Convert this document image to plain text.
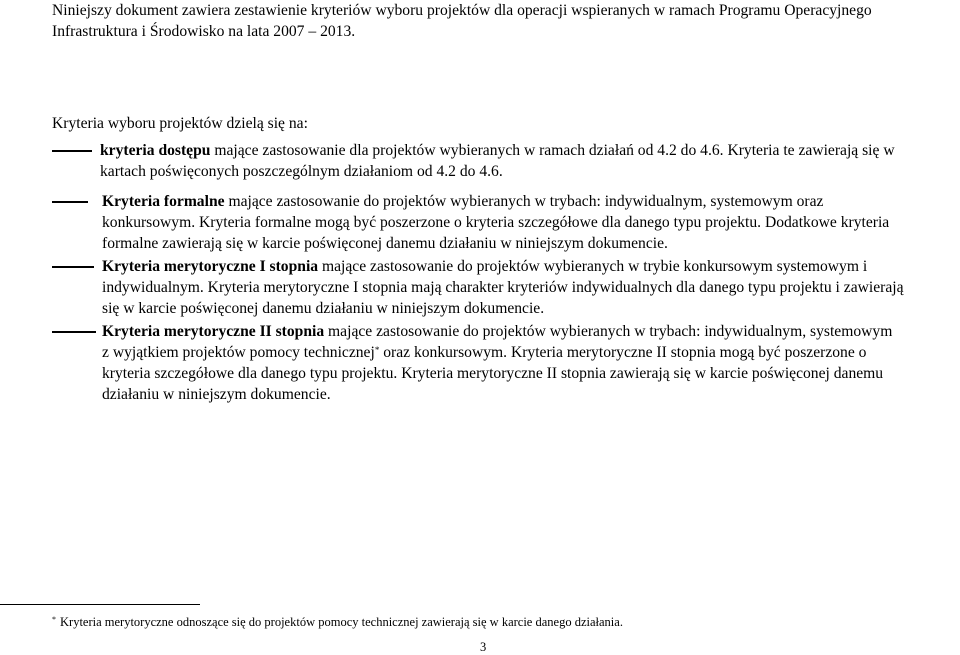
Niniejszy dokument zawiera zestawienie kryteriów wyboru projektów dla operacji wspieranych w ramach Programu Operacyjnego
Infrastruktura i Środowisko na lata 2007 – 2013.
Kryteria wyboru projektów dzielą się na:
kryteria dostępu mające zastosowanie dla projektów wybieranych w ramach działań od 4.2 do 4.6. Kryteria te zawierają się w
kartach poświęconych poszczególnym działaniom od 4.2 do 4.6.
Kryteria formalne mające zastosowanie do projektów wybieranych w trybach: indywidualnym, systemowym oraz
konkursowym. Kryteria formalne mogą być poszerzone o kryteria szczegółowe dla danego typu projektu. Dodatkowe kryteria
formalne zawierają się w karcie poświęconej danemu działaniu w niniejszym dokumencie.
Kryteria merytoryczne I stopnia mające zastosowanie do projektów wybieranych w trybie konkursowym systemowym i
indywidualnym. Kryteria merytoryczne I stopnia mają charakter kryteriów indywidualnych dla danego typu projektu i zawierają
się w karcie poświęconej danemu działaniu w niniejszym dokumencie.
Kryteria merytoryczne II stopnia mające zastosowanie do projektów wybieranych w trybach: indywidualnym, systemowym
z wyjątkiem projektów pomocy technicznej* oraz konkursowym. Kryteria merytoryczne II stopnia mogą być poszerzone o
kryteria szczegółowe dla danego typu projektu. Kryteria merytoryczne II stopnia zawierają się w karcie poświęconej danemu
działaniu w niniejszym dokumencie.
* Kryteria merytoryczne odnoszące się do projektów pomocy technicznej zawierają się w karcie danego działania.
3
